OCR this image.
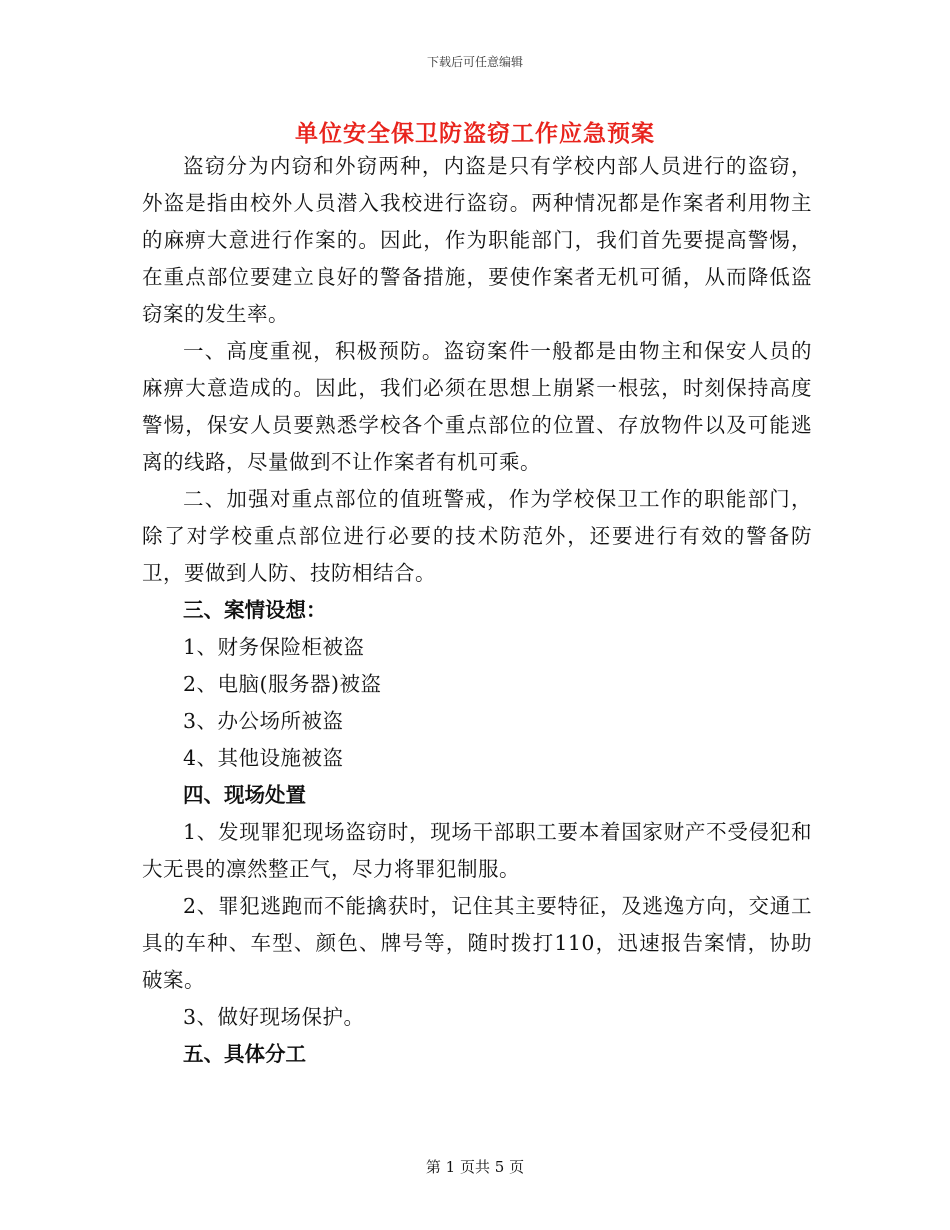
下载后可任意编辑
单位安全保卫防盗窃工作应急预案

盗窃分为内窃和外窃两种，内盗是只有学校内部人员进行的盗窃，外盗是指由校外人员潜入我校进行盗窃。两种情况都是作案者利用物主的麻痹大意进行作案的。因此，作为职能部门，我们首先要提高警惕，在重点部位要建立良好的警备措施，要使作案者无机可循，从而降低盗窃案的发生率。

一、高度重视，积极预防。盗窃案件一般都是由物主和保安人员的麻痹大意造成的。因此，我们必须在思想上崩紧一根弦，时刻保持高度警惕，保安人员要熟悉学校各个重点部位的位置、存放物件以及可能逃离的线路，尽量做到不让作案者有机可乘。

二、加强对重点部位的值班警戒，作为学校保卫工作的职能部门，除了对学校重点部位进行必要的技术防范外，还要进行有效的警备防卫，要做到人防、技防相结合。

三、案情设想：

1、财务保险柜被盗

2、电脑(服务器)被盗

3、办公场所被盗

4、其他设施被盗

四、现场处置

1、发现罪犯现场盗窃时，现场干部职工要本着国家财产不受侵犯和大无畏的凛然整正气，尽力将罪犯制服。

2、罪犯逃跑而不能擒获时，记住其主要特征，及逃逸方向，交通工具的车种、车型、颜色、牌号等，随时拨打110，迅速报告案情，协助破案。

3、做好现场保护。

五、具体分工

第 1 页共 5 页
